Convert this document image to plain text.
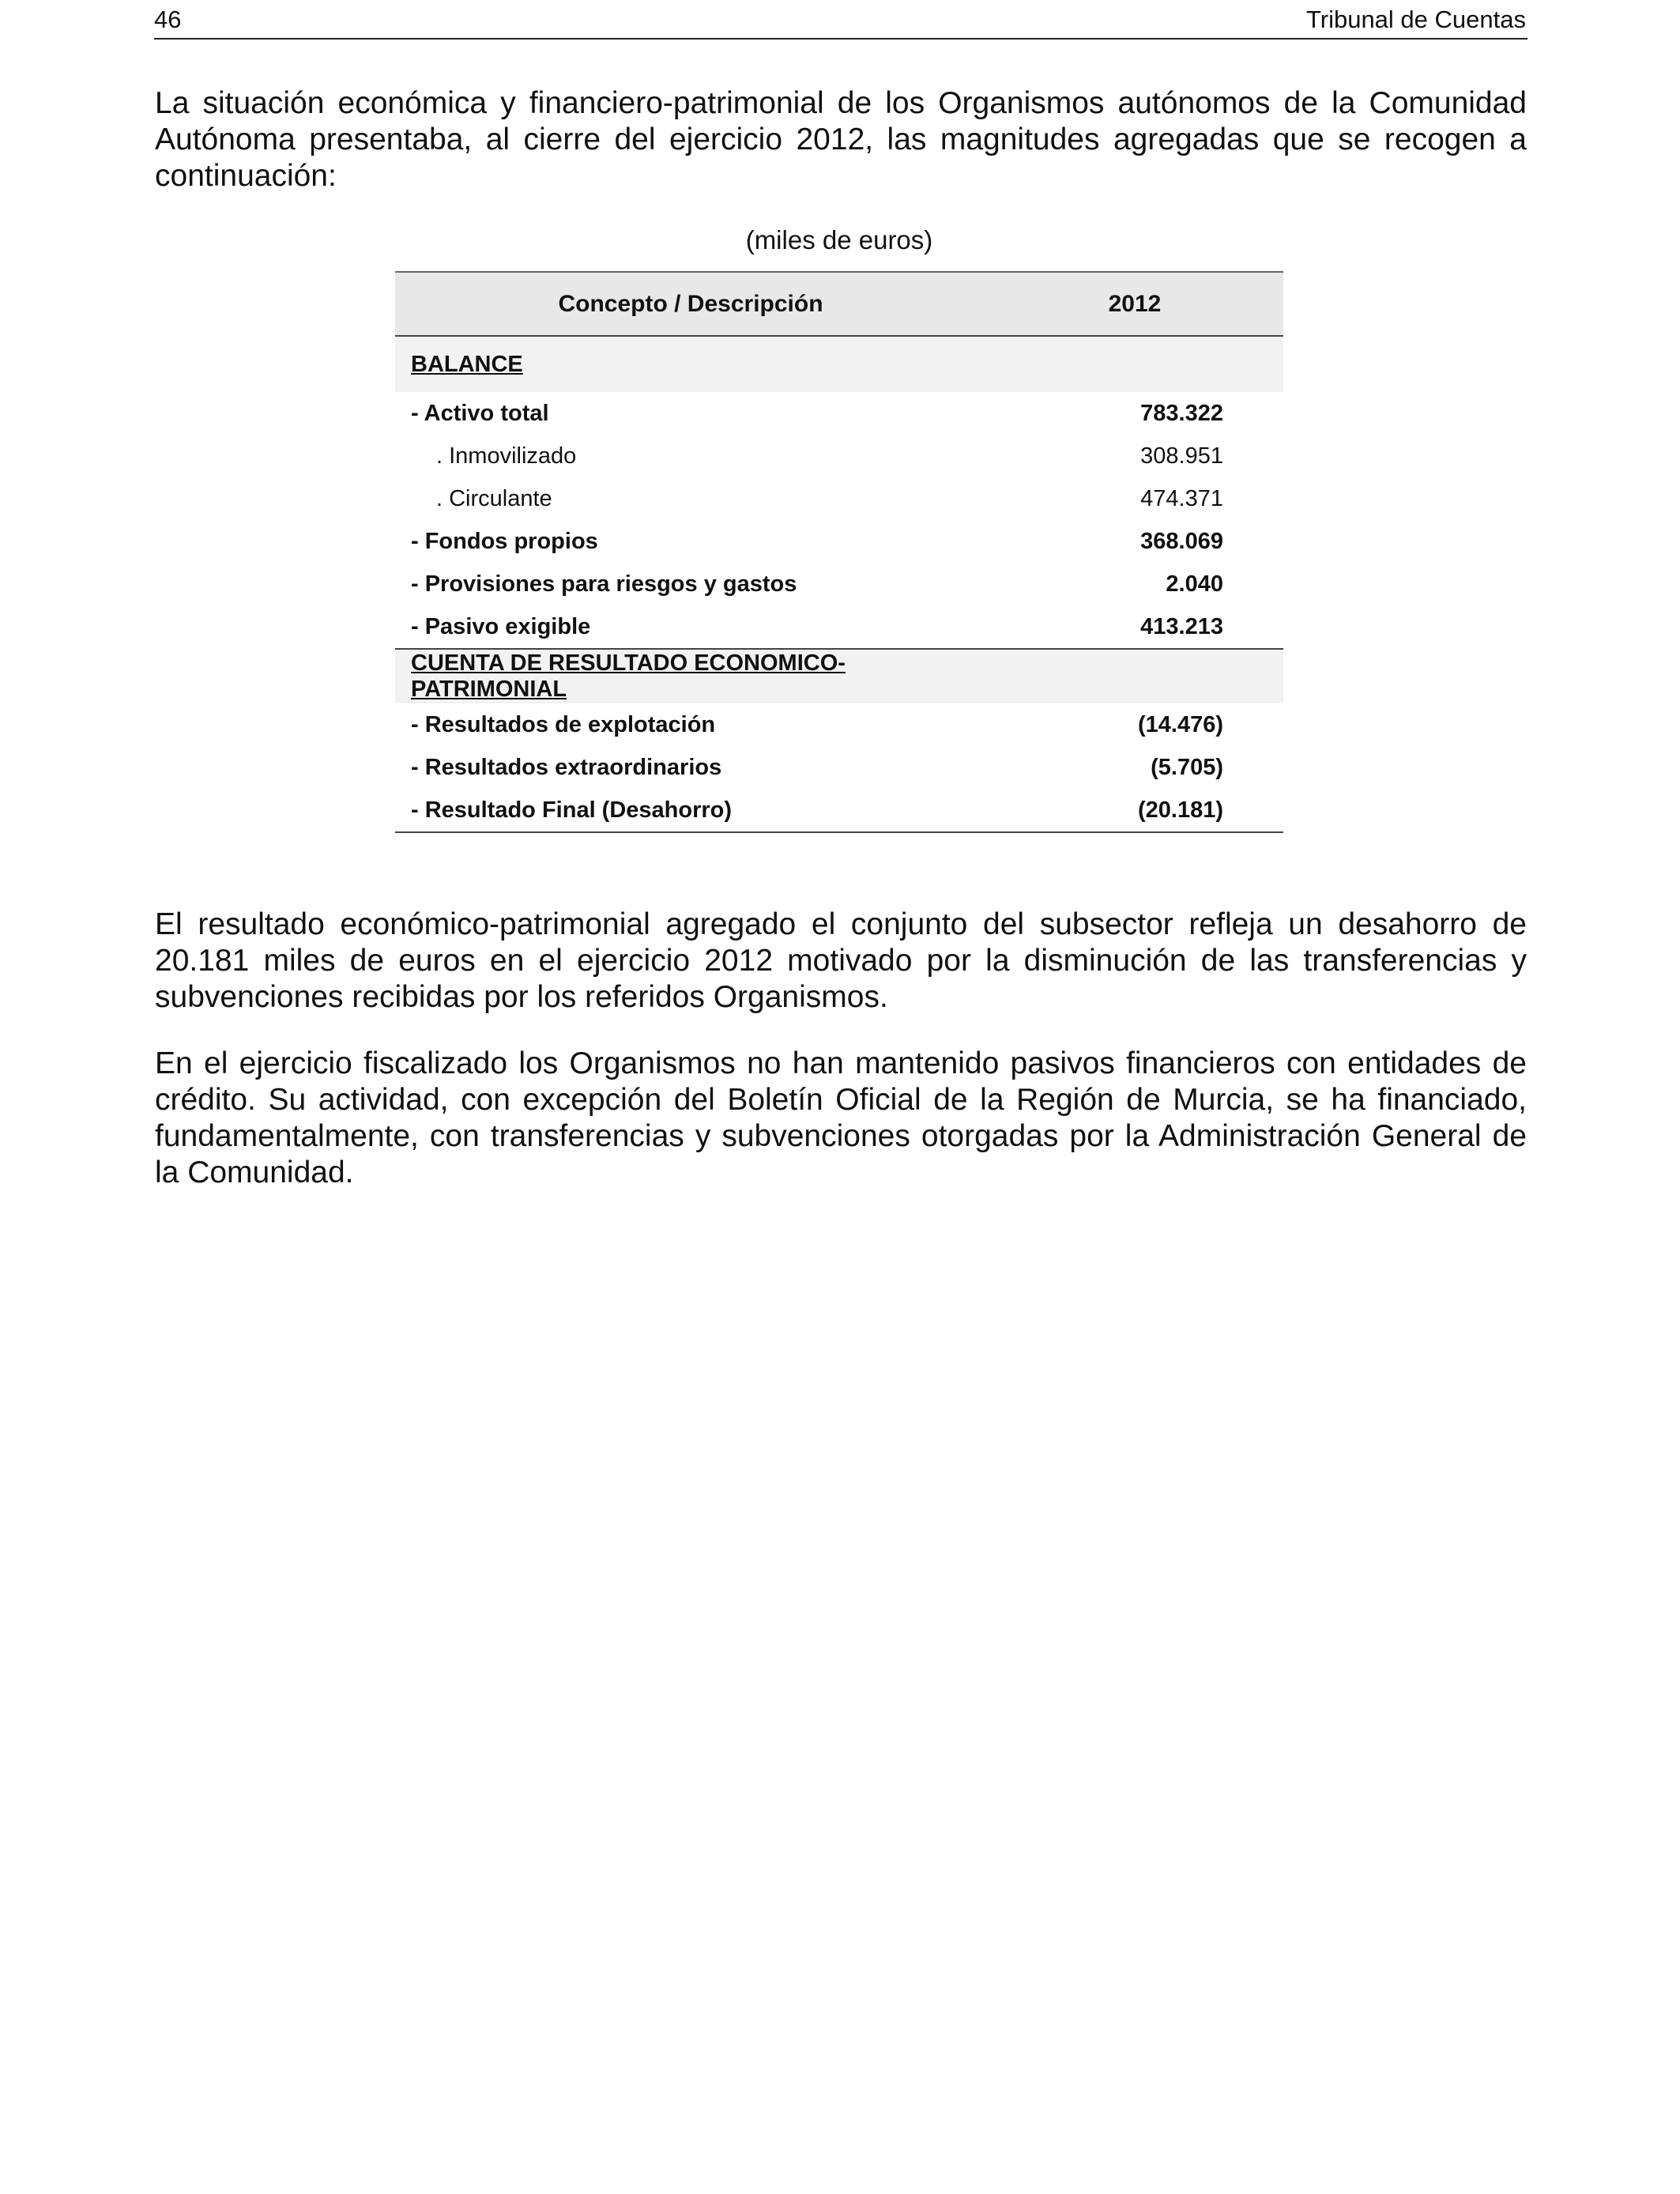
46	Tribunal de Cuentas

La situación económica y financiero-patrimonial de los Organismos autónomos de la Comunidad Autónoma presentaba, al cierre del ejercicio 2012, las magnitudes agregadas que se recogen a continuación:

(miles de euros)
Concepto / Descripción	2012
BALANCE	
- Activo total	783.322
. Inmovilizado	308.951
. Circulante	474.371
- Fondos propios	368.069
- Provisiones para riesgos y gastos	2.040
- Pasivo exigible	413.213
CUENTA DE RESULTADO ECONOMICO-PATRIMONIAL	
- Resultados de explotación	(14.476)
- Resultados extraordinarios	(5.705)
- Resultado Final (Desahorro)	(20.181)

El resultado económico-patrimonial agregado el conjunto del subsector refleja un desahorro de 20.181 miles de euros en el ejercicio 2012 motivado por la disminución de las transferencias y subvenciones recibidas por los referidos Organismos.

En el ejercicio fiscalizado los Organismos no han mantenido pasivos financieros con entidades de crédito. Su actividad, con excepción del Boletín Oficial de la Región de Murcia, se ha financiado, fundamentalmente, con transferencias y subvenciones otorgadas por la Administración General de la Comunidad.
